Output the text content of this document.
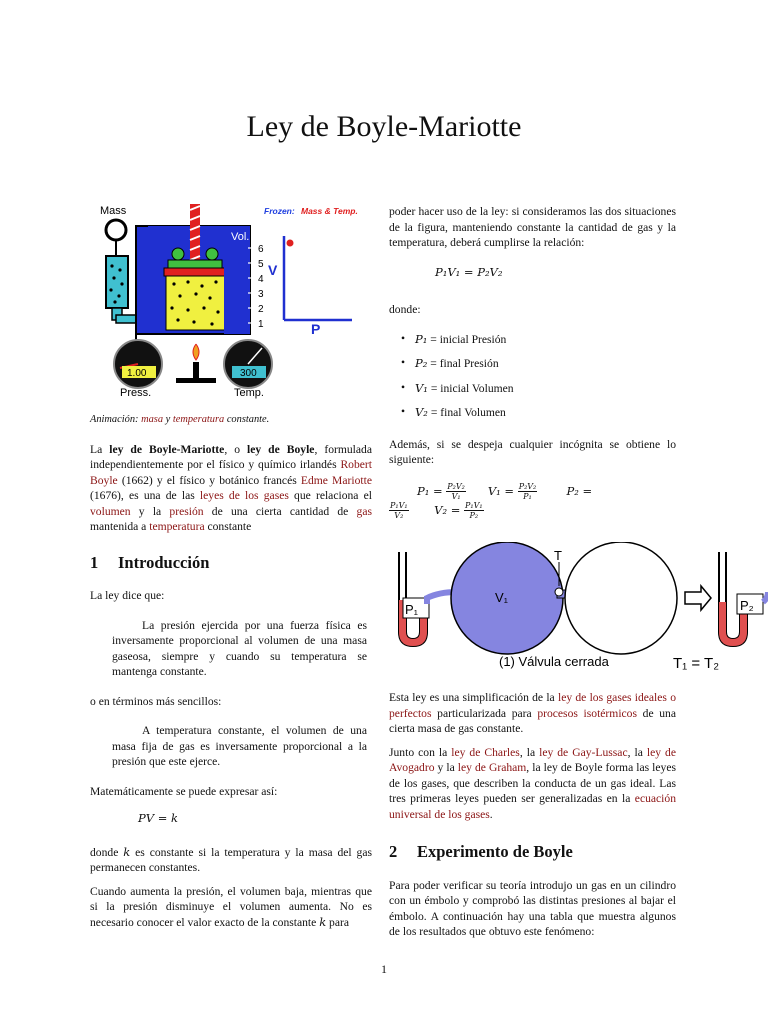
Ley de Boyle-Mariotte
Mass
Vol.
6
5
4
3
2
1
Frozen: Mass & Temp.
V
P
1.00
Press.
300
Temp.

Animación: masa y temperatura constante.

La ley de Boyle-Mariotte, o ley de Boyle, formulada independientemente por el físico y químico irlandés Robert Boyle (1662) y el físico y botánico francés Edme Mariotte (1676), es una de las leyes de los gases que relaciona el volumen y la presión de una cierta cantidad de gas mantenida a temperatura constante

1 Introducción

La ley dice que:

La presión ejercida por una fuerza física es inversamente proporcional al volumen de una masa gaseosa, siempre y cuando su temperatura se mantenga constante.

o en términos más sencillos:

A temperatura constante, el volumen de una masa fija de gas es inversamente proporcional a la presión que este ejerce.

Matemáticamente se puede expresar así:

PV = k

donde k es constante si la temperatura y la masa del gas permanecen constantes.

Cuando aumenta la presión, el volumen baja, mientras que si la presión disminuye el volumen aumenta. No es necesario conocer el valor exacto de la constante k para

poder hacer uso de la ley: si consideramos las dos situaciones de la figura, manteniendo constante la cantidad de gas y la temperatura, deberá cumplirse la relación:

P₁V₁ = P₂V₂

donde:

• P₁ = inicial Presión
• P₂ = final Presión
• V₁ = inicial Volumen
• V₂ = final Volumen

Además, si se despeja cualquier incógnita se obtiene lo siguiente:

$P_1 = \frac{\text{P₂V₂}}{\text{V₁}} V_1 = \frac{\text{P₂V₂}}{\text{P₁}}$	P₂ =
$\frac{\text{P₁V₁}}{\text{V₂}} V_2 = \frac{\text{P₁V₁}}{\text{P₂}}$
P₁
V₁
T
P₂
(1) Válvula cerrada	T₁ = T₂

Esta ley es una simplificación de la ley de los gases ideales o perfectos particularizada para procesos isotérmicos de una cierta masa de gas constante.

Junto con la ley de Charles, la ley de Gay-Lussac, la ley de Avogadro y la ley de Graham, la ley de Boyle forma las leyes de los gases, que describen la conducta de un gas ideal. Las tres primeras leyes pueden ser generalizadas en la ecuación universal de los gases.

2 Experimento de Boyle

Para poder verificar su teoría introdujo un gas en un cilindro con un émbolo y comprobó las distintas presiones al bajar el émbolo. A continuación hay una tabla que muestra algunos de los resultados que obtuvo este fenómeno:

1
